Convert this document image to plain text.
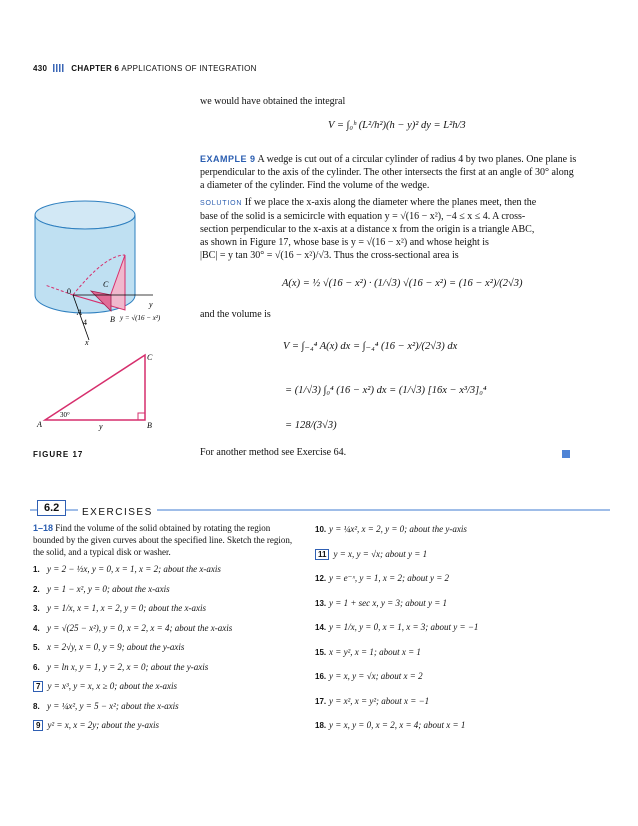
430	CHAPTER 6 APPLICATIONS OF INTEGRATION
we would have obtained the integral
V = ∫₀ʰ (L²/h²)(h − y)² dy = L²h/3
EXAMPLE 9 A wedge is cut out of a circular cylinder of radius 4 by two planes. One plane is perpendicular to the axis of the cylinder. The other intersects the first at an angle of 30° along a diameter of the cylinder. Find the volume of the wedge.
SOLUTION If we place the x-axis along the diameter where the planes meet, then the
base of the solid is a semicircle with equation y = √(16 − x²), −4 ≤ x ≤ 4. A cross-
section perpendicular to the x-axis at a distance x from the origin is a triangle ABC,
as shown in Figure 17, whose base is y = √(16 − x²) and whose height is
|BC| = y tan 30° = √(16 − x²)/√3. Thus the cross-sectional area is
A(x) = ½ √(16 − x²) · (1/√3) √(16 − x²) = (16 − x²)/(2√3)
and the volume is
V = ∫₋₄⁴ A(x) dx = ∫₋₄⁴ (16 − x²)/(2√3) dx
= (1/√3) ∫₀⁴ (16 − x²) dx = (1/√3) [16x − x³/3]₀⁴
= 128/(3√3)
For another method see Exercise 64.
C
0
y
A
B
4
x
y = √(16 − x²)
C
A	B
30°
y
FIGURE 17
6.2	EXERCISES
1–18 Find the volume of the solid obtained by rotating the region bounded by the given curves about the specified line. Sketch the region, the solid, and a typical disk or washer.
1. y = 2 − ½x, y = 0, x = 1, x = 2; about the x-axis
2. y = 1 − x², y = 0; about the x-axis
3. y = 1/x, x = 1, x = 2, y = 0; about the x-axis
4. y = √(25 − x²), y = 0, x = 2, x = 4; about the x-axis
5. x = 2√y, x = 0, y = 9; about the y-axis
6. y = ln x, y = 1, y = 2, x = 0; about the y-axis
7 y = x³, y = x, x ≥ 0; about the x-axis
8. y = ¼x², y = 5 − x²; about the x-axis
9 y² = x, x = 2y; about the y-axis
10. y = ¼x², x = 2, y = 0; about the y-axis
11 y = x, y = √x; about y = 1
12. y = e⁻ˣ, y = 1, x = 2; about y = 2
13. y = 1 + sec x, y = 3; about y = 1
14. y = 1/x, y = 0, x = 1, x = 3; about y = −1
15. x = y², x = 1; about x = 1
16. y = x, y = √x; about x = 2
17. y = x², x = y²; about x = −1
18. y = x, y = 0, x = 2, x = 4; about x = 1
